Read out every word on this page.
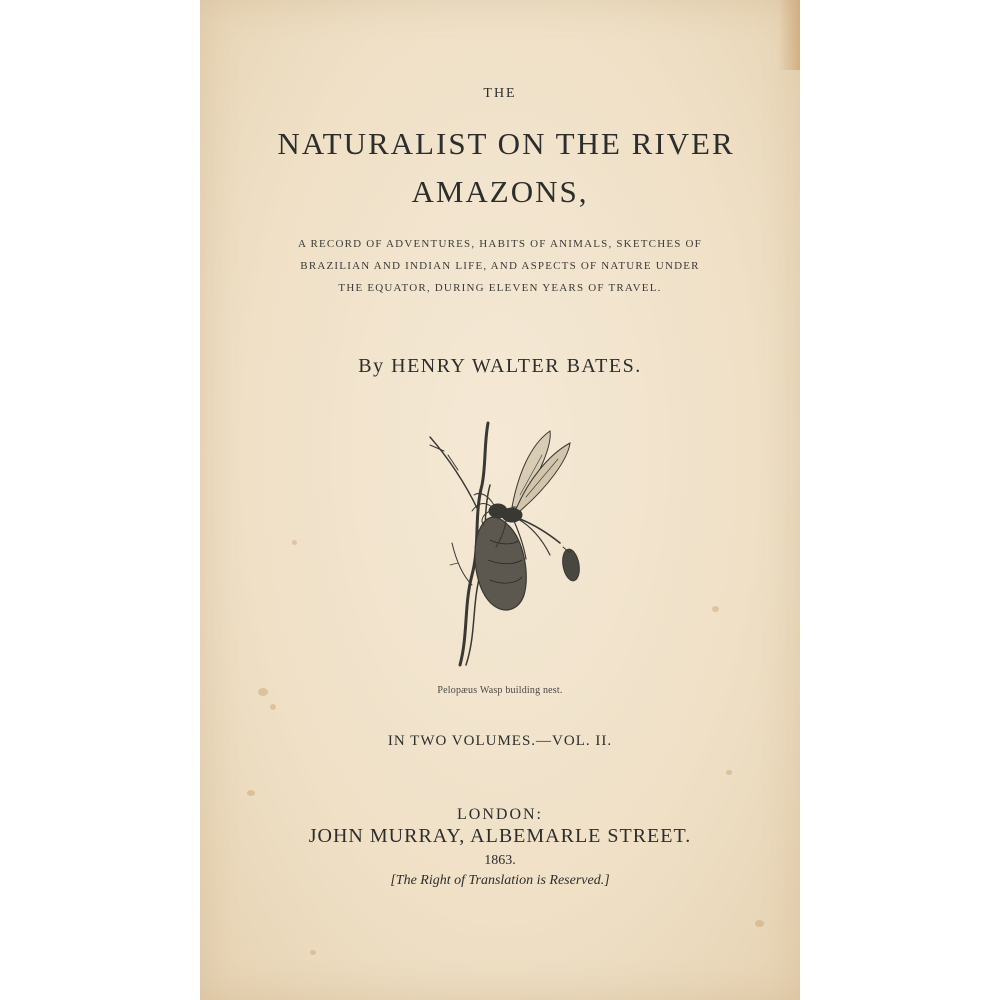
THE
NATURALIST ON THE RIVER
AMAZONS,
A RECORD OF ADVENTURES, HABITS OF ANIMALS, SKETCHES OF
BRAZILIAN AND INDIAN LIFE, AND ASPECTS OF NATURE UNDER
THE EQUATOR, DURING ELEVEN YEARS OF TRAVEL.
By HENRY WALTER BATES.
Pelopæus Wasp building nest.
IN TWO VOLUMES.—VOL. II.
LONDON:
JOHN MURRAY, ALBEMARLE STREET.
1863.
[The Right of Translation is Reserved.]
